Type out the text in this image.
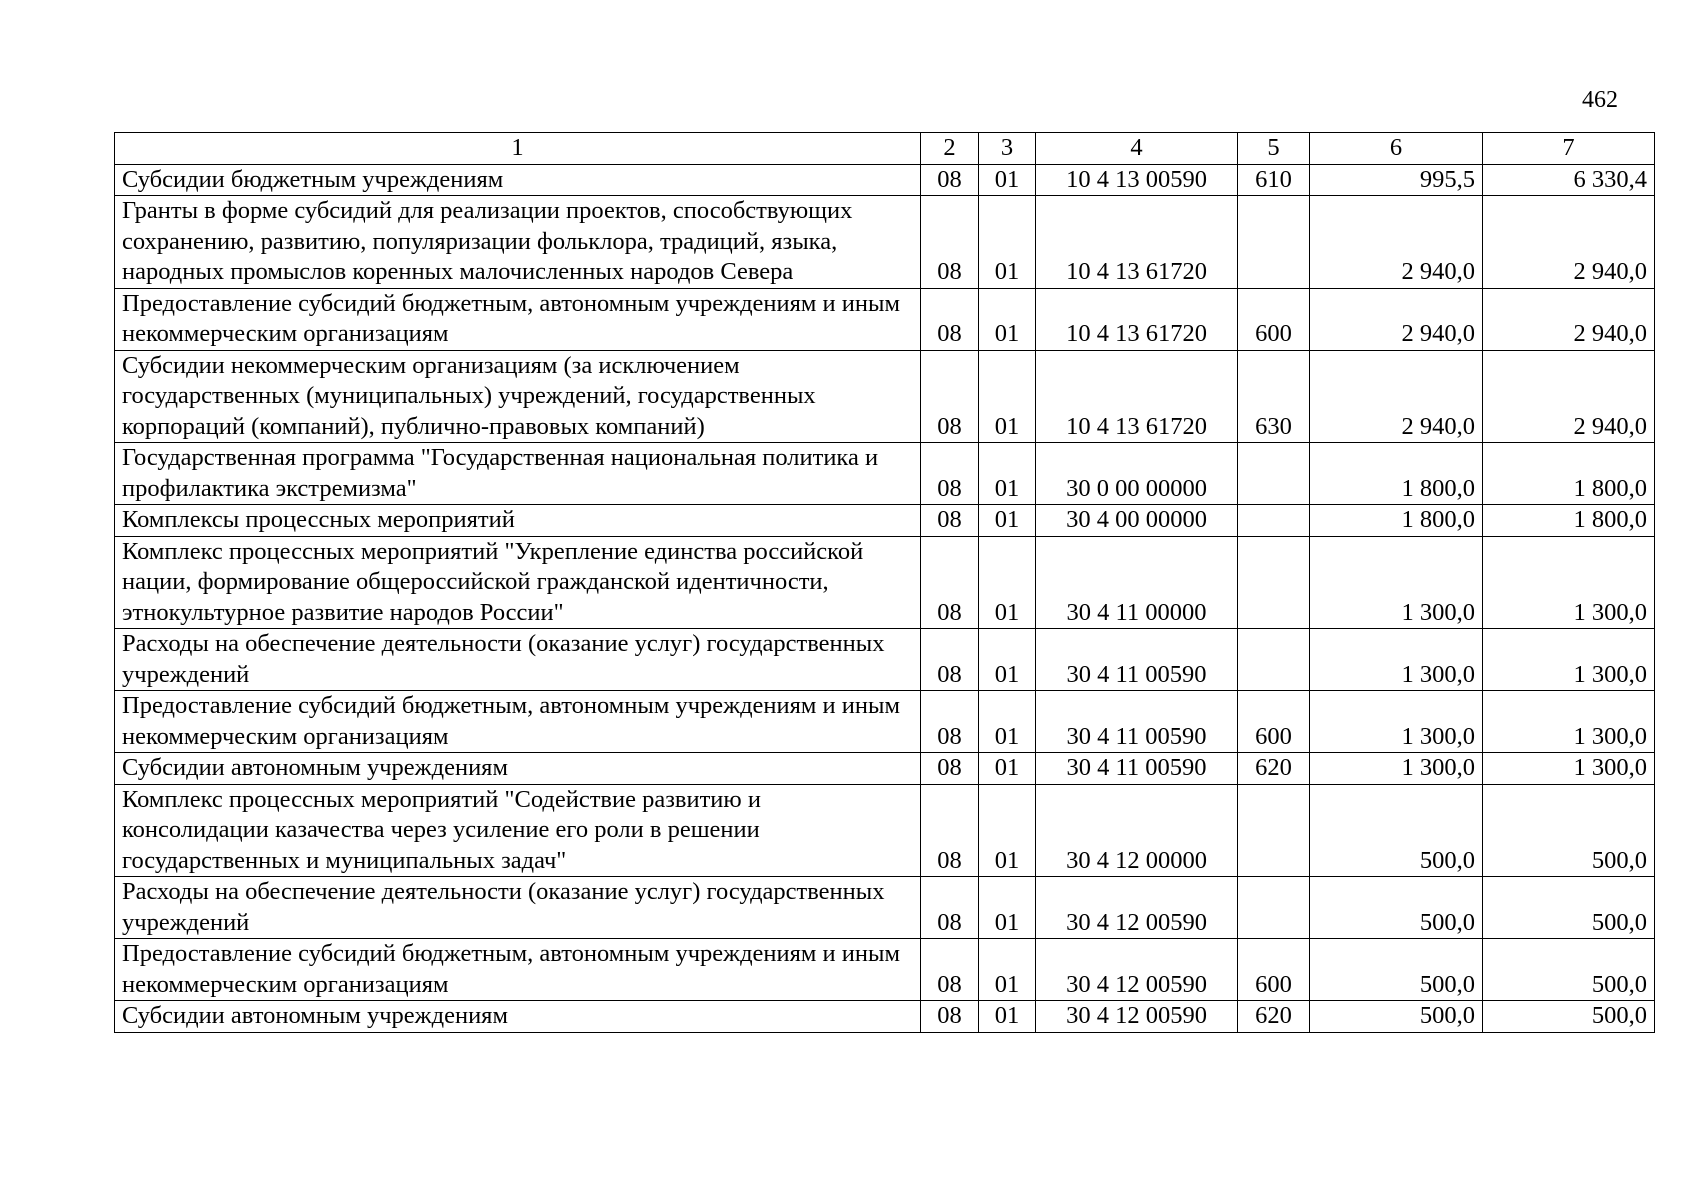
462
1	2	3	4	5	6	7
Субсидии бюджетным учреждениям	08	01	10 4 13 00590	610	995,5	6 330,4
Гранты в форме субсидий для реализации проектов, способствующих сохранению, развитию, популяризации фольклора, традиций, языка, народных промыслов коренных малочисленных народов Севера	08	01	10 4 13 61720		2 940,0	2 940,0
Предоставление субсидий бюджетным, автономным учреждениям и иным некоммерческим организациям	08	01	10 4 13 61720	600	2 940,0	2 940,0
Субсидии некоммерческим организациям (за исключением государственных (муниципальных) учреждений, государственных корпораций (компаний), публично-правовых компаний)	08	01	10 4 13 61720	630	2 940,0	2 940,0
Государственная программа "Государственная национальная политика и профилактика экстремизма"	08	01	30 0 00 00000		1 800,0	1 800,0
Комплексы процессных мероприятий	08	01	30 4 00 00000		1 800,0	1 800,0
Комплекс процессных мероприятий "Укрепление единства российской нации, формирование общероссийской гражданской идентичности, этнокультурное развитие народов России"	08	01	30 4 11 00000		1 300,0	1 300,0
Расходы на обеспечение деятельности (оказание услуг) государственных учреждений	08	01	30 4 11 00590		1 300,0	1 300,0
Предоставление субсидий бюджетным, автономным учреждениям и иным некоммерческим организациям	08	01	30 4 11 00590	600	1 300,0	1 300,0
Субсидии автономным учреждениям	08	01	30 4 11 00590	620	1 300,0	1 300,0
Комплекс процессных мероприятий "Содействие развитию и консолидации казачества через усиление его роли в решении государственных и муниципальных задач"	08	01	30 4 12 00000		500,0	500,0
Расходы на обеспечение деятельности (оказание услуг) государственных учреждений	08	01	30 4 12 00590		500,0	500,0
Предоставление субсидий бюджетным, автономным учреждениям и иным некоммерческим организациям	08	01	30 4 12 00590	600	500,0	500,0
Субсидии автономным учреждениям	08	01	30 4 12 00590	620	500,0	500,0
